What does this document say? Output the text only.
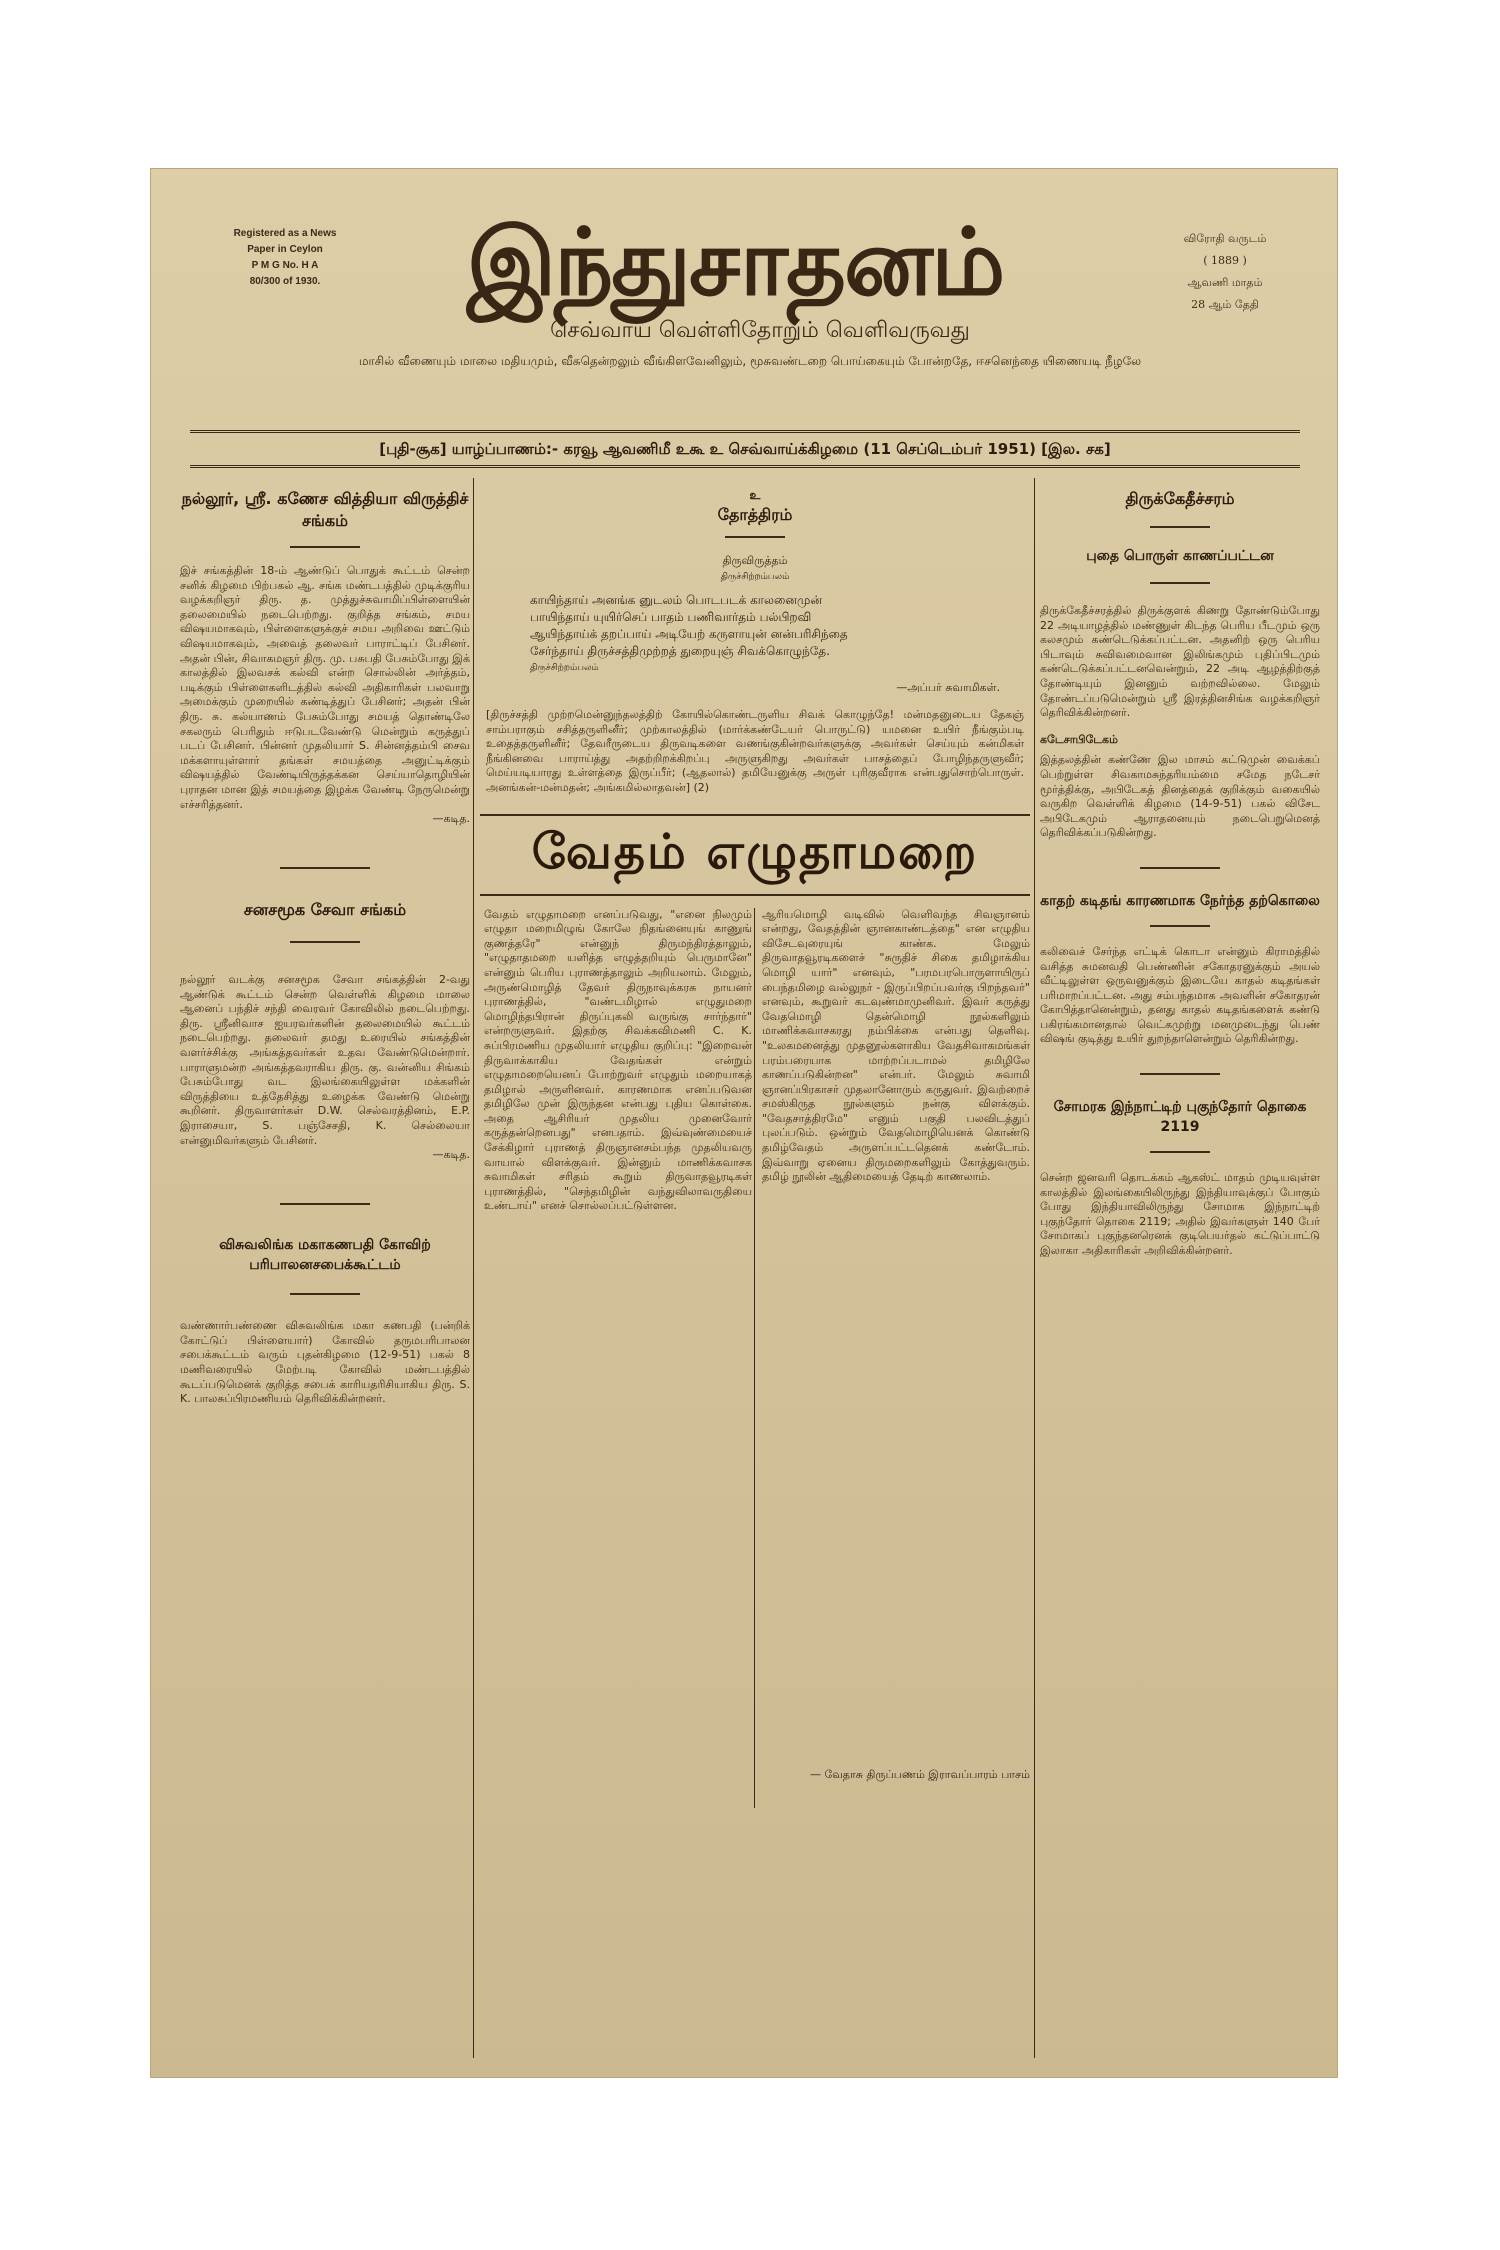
Registered as a News
Paper in Ceylon
P M G No. H A
80/300 of 1930.	இந்துசாதனம்	விரோதி வருடம்
( 1889 )
ஆவணி மாதம்
28 ஆம் தேதி
செவ்வாய் வெள்ளிதோறும் வெளிவருவது
மாசில் வீணையும் மாலை மதியமும், வீசுதென்றலும் வீங்கிளவேனிலும், மூசுவண்டறை பொய்கையும் போன்றதே, ஈசனெந்தை யிணையடி நீழலே
[புதி-சூக] யாழ்ப்பாணம்:- கரவூ ஆவணிமீ உகூ உ செவ்வாய்க்கிழமை (11 செப்டெம்பர் 1951) [இல. சக]
நல்லூர், ஸ்ரீ. கணேச வித்தியா விருத்திச் சங்கம்
இச் சங்கத்தின் 18-ம் ஆண்டுப் பொதுக் கூட்டம் சென்ற சனிக் கிழமை பிற்பகல் ஆ. சங்க மண்டபத்தில் முடிக்குரிய வழக்கறிஞர் திரு. த. முத்துச்சுவாமிப்பிள்ளையின் தலைமையில் நடைபெற்றது. குறித்த சங்கம், சமய விஷயமாகவும், பிள்ளைகளுக்குச் சமய அறிவை ஊட்டும் விஷயமாகவும், அவைத் தலைவர் பாராட்டிப் பேசினர். அதன் பின், சிவாகமஞர் திரு. மு. பசுபதி பேசும்போது இக் காலத்தில் இலவசக் கல்வி என்ற சொல்லின் அர்த்தம், படிக்கும் பிள்ளைகளிடத்தில் கல்வி அதிகாரிகள் பலவாறு அமைக்கும் முறையில் கண்டித்துப் பேசினர்; அதன் பின் திரு. சு. கல்யாணம் பேசும்போது சமயத் தொண்டிலே சகலரும் பெரிதும் ஈடுபடவேண்டு மென்றும் கருத்துப் படப் பேசினர். பின்னர் முதலியார் S. சின்னத்தம்பி சைவ மக்களாயுள்ளார் தங்கள் சமயத்தை அனுட்டிக்கும் விஷயத்தில் வேண்டியிருத்தக்கன செய்யாதொழியின் புராதன மான இத் சமயத்தை இழக்க வேண்டி நேருமென்று எச்சரித்தனர்.
—கடித.
சனசமூக சேவா சங்கம்
நல்லூர் வடக்கு சனசமூக சேவா சங்கத்தின் 2-வது ஆண்டுக் கூட்டம் சென்ற வெள்ளிக் கிழமை மாலை ஆனைப் பந்திச் சந்தி வைரவர் கோவிலில் நடைபெற்றது. திரு. ஸ்ரீனிவாச ஐயரவர்களின் தலைமையில் கூட்டம் நடைபெற்றது. தலைவர் தமது உரையில் சங்கத்தின் வளர்ச்சிக்கு அங்கத்தவர்கள் உதவ வேண்டுமென்றார். பாராளுமன்ற அங்கத்தவராகிய திரு. கு. வன்னிய சிங்கம் பேசும்போது வட இலங்கையிலுள்ள மக்களின் விருத்தியை உத்தேசித்து உழைக்க வேண்டு மென்று கூறினர். திருவாளர்கள் D.W. செல்வரத்தினம், E.P. இராசையா, S. பஞ்சேசதி, K. செல்லையா என்னுமிவர்களும் பேசினர்.
—கடித.
விசுவலிங்க மகாகணபதி கோவிற் பரிபாலனசபைக்கூட்டம்
வண்ணார்பண்ணை விசுவலிங்க மகா கணபதி (பன்றிக் கோட்டுப் பிள்ளையார்) கோவில் தருமபரிபாலன சபைக்கூட்டம் வரும் புதன்கிழமை (12-9-51) பகல் 8 மணிவரையில் மேற்படி கோவில் மண்டபத்தில் கூடப்படுமெனக் குறித்த சபைக் காரியதரிசியாகிய திரு. S. K. பாலசுப்பிரமணியம் தெரிவிக்கின்றனர்.
உ
தோத்திரம்
திருவிருத்தம்
திருச்சிற்றம்பலம்
காயிந்தாய் அனங்க னுடலம் பொடபடக் காலனைமுன்
பாயிந்தாய் யுயிர்செப் பாதம் பணிவார்தம் பல்பிறவி
ஆயிந்தாய்க் தறப்பாய் அடியேற் கருளாயுன் னன்பரிசிந்தை
சேர்ந்தாய் திருச்சத்திமுற்றத் துறையுஞ் சிவக்கொழுந்தே.
திருச்சிற்றம்பலம்
—அப்பர் சுவாமிகள்.
[திருச்சத்தி முற்றமென்னுந்தலத்திற் கோயில்கொண்டருளிய சிவக் கொழுந்தே! மன்மதனுடைய தேகஞ் சாம்பராகும் சசித்தருளினீர்; முற்காலத்தில் (மார்க்கண்டேயர் பொருட்டு) யமனை உயிர் நீங்கும்படி உதைத்தருளினீர்; தேவரீருடைய திருவடிகளை வணங்குகின்றவர்களுக்கு அவர்கள் செய்யும் கன்மிகள் நீங்கினவை பாராய்த்து அதற்றிறக்கிறப்பு அருளுகிறது அவர்கள் பாசத்தைப் போழிந்தருளுவீர்; மெய்யடியாரது உள்ளத்தை இருப்பீர்; (ஆதலால்) தமியேனுக்கு அருள் புரிகுவீராக என்பதுசொற்பொருள். அனங்கன்-மன்மதன்; அங்கமில்லாதவன்] (2)
வேதம் எழுதாமறை
வேதம் எழுதாமறை எனப்படுவது, "எனை நிலமும் எழுதா மறைமிழுங் கோலே நிதங்னையுங் காணுங் குணத்தரே" என்னுந் திருமந்திரத்தாலும், "எழுதாதமறை யளித்த எழுத்தறியும் பெருமானே" என்னும் பெரிய புராணத்தாலும் அறியலாம். மேலும், அருண்மொழித் தேவர் திருநாவுக்கரசு நாயனர் புராணத்தில், "வண்டமிழால் எழுதுமறை மொழிந்தபிரான் திருப்புகலி வருங்கு சார்ந்தார்" என்றருளுவர். இதற்கு சிவக்கவிமணி C. K. சுப்பிரமணிய முதலியார் எழுதிய குறிப்பு: "இறைவன் திருவாக்காகிய வேதங்கள் என்றும் எழுதாமறையெனப் போற்றுவர் எழுதும் மறையாகத் தமிழால் அருளினவர். காரணமாக எனப்படுவன தமிழிலே முன் இருந்தன என்பது புதிய கொள்கை. அதை ஆசிரியர் முதலிய முனைவோர் கருத்தன்றெனபது" எனபதாம். இவ்வுண்மையைச் சேக்கிழார் புராணத் திருஞானசம்பந்த முதலியவரு வாயால் விளக்குவர். இன்னும் மாணிக்கவாசக சுவாமிகள் சரிதம் கூறும் திருவாதவூரடிகள் புராணத்தில், "செந்தமிழின் வந்துவிலாவருதியை உண்டாய்" எனச் சொல்லப்பட்டுள்ளன.
ஆரியமொழி வடிவில் வெளிவந்த சிவஞானம் என்றது, வேதத்தின் ஞானகாண்டத்தை" என எழுதிய விசேடவுரையுங் காண்க. மேலும் திருவாதவூரடிகளைச் "சுருதிச் சிகை தமிழாக்கிய மொழி யார்" எனவும், "பரமபரபொருளாயிருப் பைந்தமிழை வல்லுநர் - இருப்பிறப்பவர்கு பிறந்தவர்" எனவும், கூறுவர் கடவுண்மாமுனிவர். இவர் கருத்து வேதமொழி தென்மொழி நூல்களிலும் மாணிக்கவாசகரது நம்பிக்கை என்பது தெளிவு. "உலகமனைத்து முதனூல்களாகிய வேதசிவாகமங்கள் பரம்பரையாக மாற்றப்படாமல் தமிழிலே காணப்படுகின்றன" என்பர். மேலும் சுவாமி ஞானப்பிரகாசர் முதலானோரும் கருதுவர். இவற்றைச் சமஸ்கிருத நூல்களும் நன்கு விளக்கும். "வேதசாத்திரமே" எனும் பகுதி பலவிடத்துப் புலப்படும். ஒன்றும் வேதமொழியெனக் கொண்டு தமிழ்வேதம் அருளப்பட்டதெனக் கண்டோம். இவ்வாறு ஏனைய திருமறைகளிலும் கோத்துவரும். தமிழ் நூலின் ஆதிமையைத் தேடிற் காணலாம்.
— வேதாசு திருப்பணம் இராவப்பாரம் பாசம்
திருக்கேதீச்சரம்
புதை பொருள் காணப்பட்டன
திருக்கேதீச்சரத்தில் திருக்குளக் கிணறு தோண்டும்போது 22 அடியாழத்தில் மண்ணுள் கிடந்த பெரிய பீடமும் ஒரு கலசமும் கண்டெடுக்கப்பட்டன. அதனிற் ஒரு பெரிய பிடாவும் சுவிவமைவான இலிங்கமும் புதிப்பிடமும் கண்டெடுக்கப்பட்டனவென்றும், 22 அடி ஆழத்திற்குத் தோண்டியும் இனனும் வற்றவில்லை. மேலும் தோண்டப்படுமென்றும் ஸ்ரீ இரத்தினசிங்க வழக்கறிஞர் தெரிவிக்கின்றனர்.
கடேசாபிடேகம்
இத்தலத்தின் கண்ணே இல மாசம் கட்டுமுன் வைக்கப் பெற்றுள்ள சிவகாமசுந்தரியம்மை சமேத நடேசர் மூர்த்திக்கு, அபிடேகத் தினத்தைக் குறிக்கும் வகையில் வருகிற வெள்ளிக் கிழமை (14-9-51) பகல் விசேட அபிடேகமும் ஆராதனையும் நடைபெறுமெனத் தெரிவிக்கப்படுகின்றது.
காதற் கடிதங் காரணமாக நேர்ந்த தற்கொலை
கலிவைச் சேர்ந்த எட்டிக் கொடா என்னும் கிராமத்தில் வசித்த சுமனவதி பெண்ணின் சகோதரனுக்கும் அயல் வீட்டிலுள்ள ஒருவனுக்கும் இடையே காதல் கடிதங்கள் பரிமாறப்பட்டன. அது சம்பந்தமாக அவளின் சகோதரன் கோபித்தானென்றும், தனது காதல் கடிதங்களைக் கண்டு பகிரங்கமானதால் வெட்கமுற்று மனமுடைந்து பெண் விஷங் குடித்து உயிர் துறந்தாளென்றும் தெரிகின்றது.
சோமரக இந்நாட்டிற் புகுந்தோர் தொகை 2119
சென்ற ஜனவரி தொடக்கம் ஆகஸ்ட் மாதம் முடியவுள்ள காலத்தில் இலங்கையிலிருந்து இந்தியாவுக்குப் போகும் போது இந்தியாவிலிருந்து சோமாக இந்நாட்டிற் புகுந்தோர் தொகை 2119; அதில் இவர்களுள் 140 பேர் சோமாகப் புகுந்தனரெனக் குடிபெயர்தல் கட்டுப்பாட்டு இலாகா அதிகாரிகள் அறிவிக்கின்றனர்.
